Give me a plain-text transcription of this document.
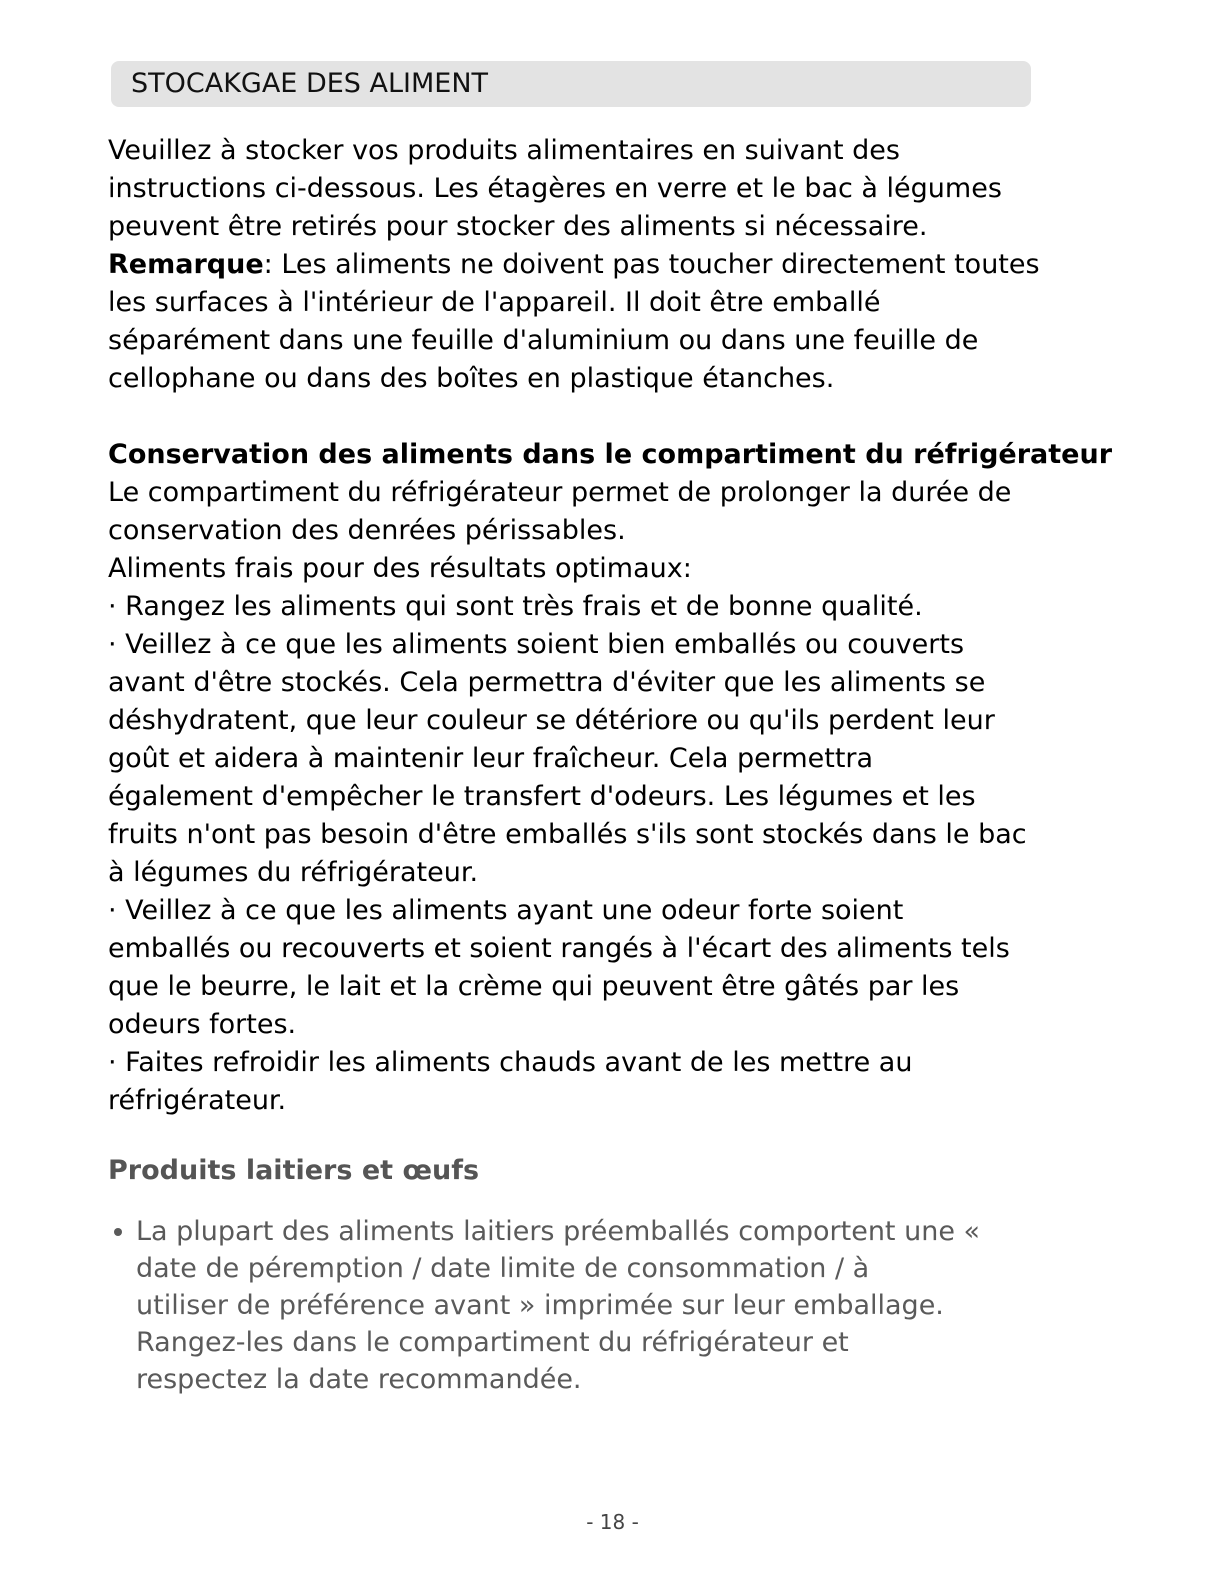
STOCAKGAE DES ALIMENT

Veuillez à stocker vos produits alimentaires en suivant des

instructions ci-dessous. Les étagères en verre et le bac à légumes

peuvent être retirés pour stocker des aliments si nécessaire.

Remarque: Les aliments ne doivent pas toucher directement toutes

les surfaces à l'intérieur de l'appareil. Il doit être emballé

séparément dans une feuille d'aluminium ou dans une feuille de

cellophane ou dans des boîtes en plastique étanches.

Conservation des aliments dans le compartiment du réfrigérateur

Le compartiment du réfrigérateur permet de prolonger la durée de

conservation des denrées périssables.

Aliments frais pour des résultats optimaux:

· Rangez les aliments qui sont très frais et de bonne qualité.

· Veillez à ce que les aliments soient bien emballés ou couverts

avant d'être stockés. Cela permettra d'éviter que les aliments se

déshydratent, que leur couleur se détériore ou qu'ils perdent leur

goût et aidera à maintenir leur fraîcheur. Cela permettra

également d'empêcher le transfert d'odeurs. Les légumes et les

fruits n'ont pas besoin d'être emballés s'ils sont stockés dans le bac

à légumes du réfrigérateur.

· Veillez à ce que les aliments ayant une odeur forte soient

emballés ou recouverts et soient rangés à l'écart des aliments tels

que le beurre, le lait et la crème qui peuvent être gâtés par les

odeurs fortes.

· Faites refroidir les aliments chauds avant de les mettre au

réfrigérateur.

Produits laitiers et œufs
La plupart des aliments laitiers préemballés comportent une «
date de péremption / date limite de consommation / à
utiliser de préférence avant » imprimée sur leur emballage.
Rangez-les dans le compartiment du réfrigérateur et
respectez la date recommandée.
- 18 -
